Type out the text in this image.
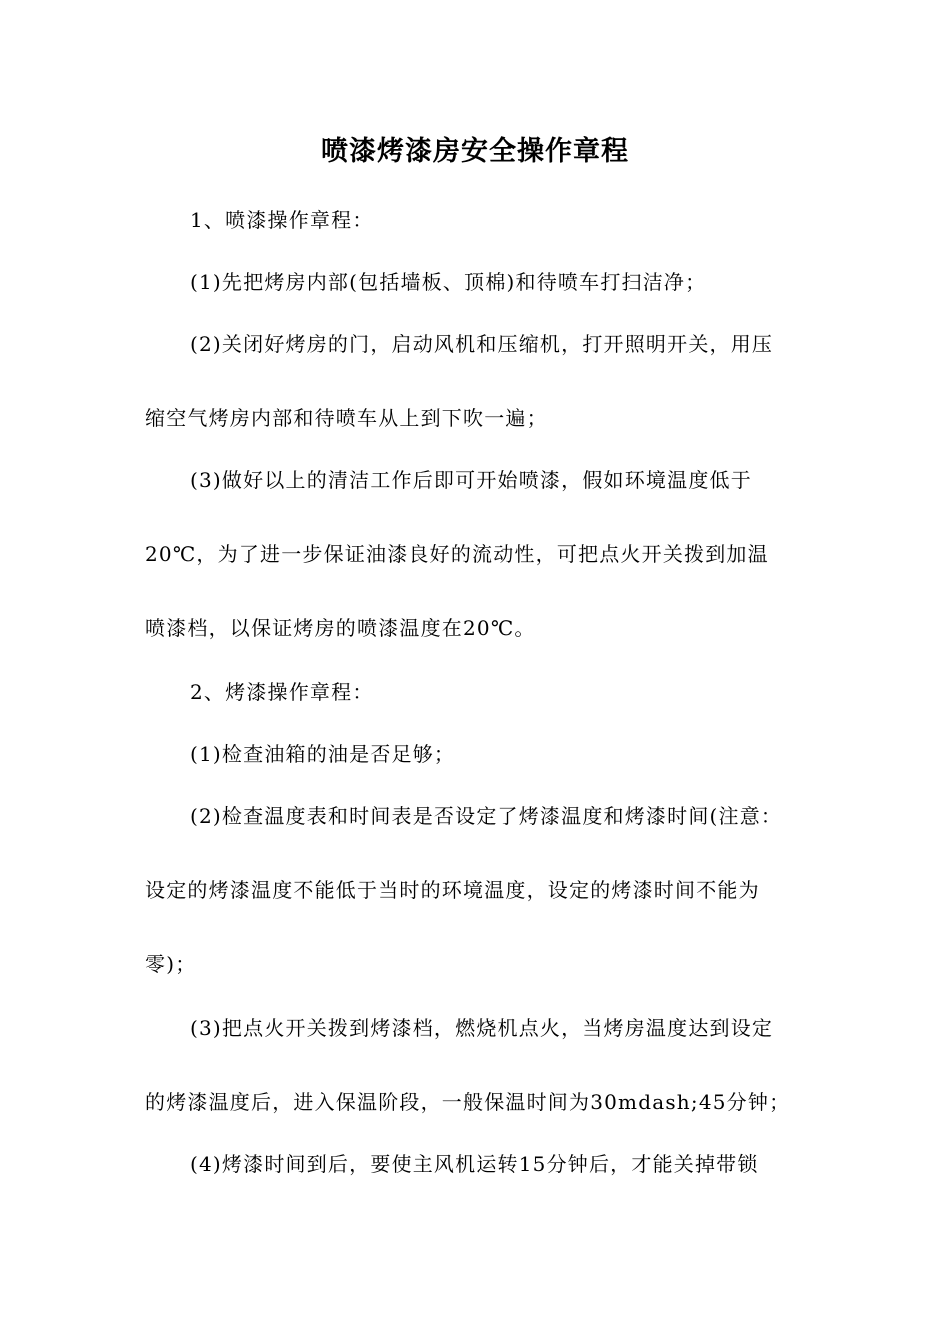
喷漆烤漆房安全操作章程
1、喷漆操作章程：
(1)先把烤房内部(包括墙板、顶棉)和待喷车打扫洁净；
(2)关闭好烤房的门，启动风机和压缩机，打开照明开关，用压
缩空气烤房内部和待喷车从上到下吹一遍；
(3)做好以上的清洁工作后即可开始喷漆，假如环境温度低于
20℃，为了进一步保证油漆良好的流动性，可把点火开关拨到加温
喷漆档，以保证烤房的喷漆温度在20℃。
2、烤漆操作章程：
(1)检查油箱的油是否足够；
(2)检查温度表和时间表是否设定了烤漆温度和烤漆时间(注意：
设定的烤漆温度不能低于当时的环境温度，设定的烤漆时间不能为
零)；
(3)把点火开关拨到烤漆档，燃烧机点火，当烤房温度达到设定
的烤漆温度后，进入保温阶段，一般保温时间为30mdash;45分钟；
(4)烤漆时间到后，要使主风机运转15分钟后，才能关掉带锁
